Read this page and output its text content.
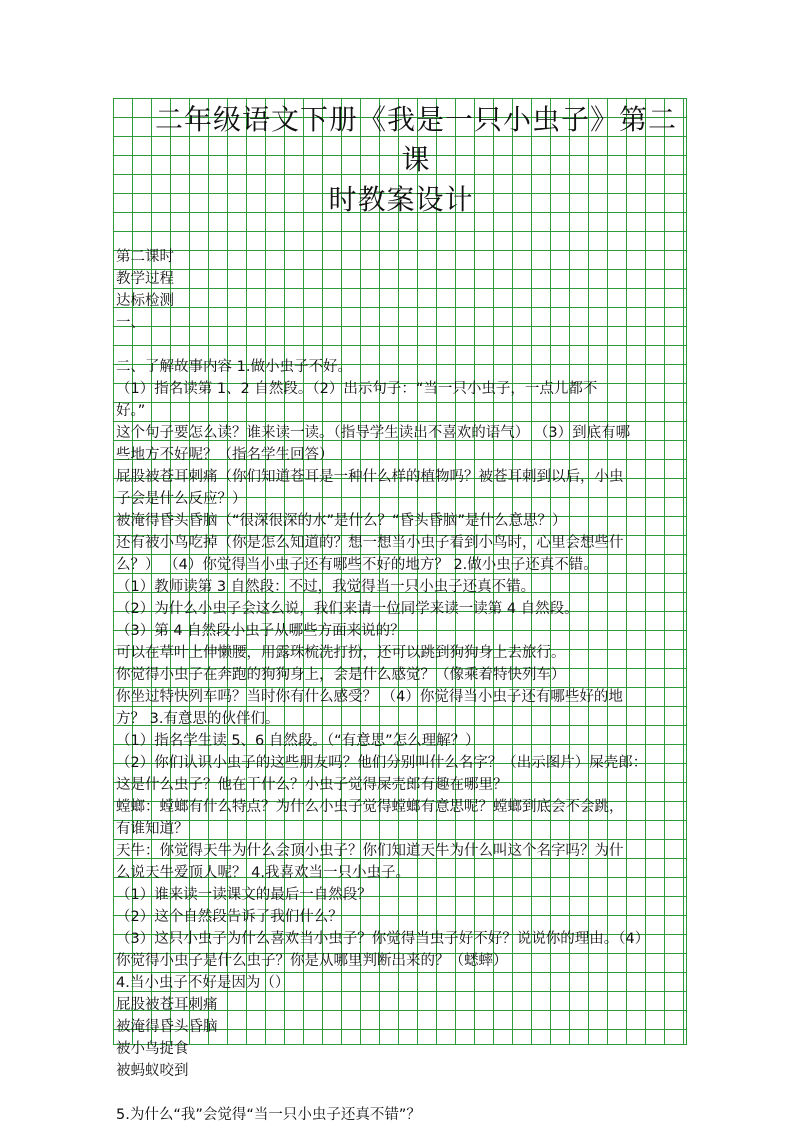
二年级语文下册《我是一只小虫子》第二课
时教案设计
第二课时
教学过程
达标检测
一、
二、了解故事内容 1.做小虫子不好。
（1）指名读第 1、2 自然段。（2）出示句子：“当一只小虫子，一点儿都不
好。”
这个句子要怎么读？谁来读一读。（指导学生读出不喜欢的语气） （3）到底有哪
些地方不好呢？（指名学生回答）
屁股被苍耳刺痛（你们知道苍耳是一种什么样的植物吗？被苍耳刺到以后，小虫
子会是什么反应？）
被淹得昏头昏脑（“很深很深的水”是什么？“昏头昏脑”是什么意思？）
还有被小鸟吃掉（你是怎么知道的？想一想当小虫子看到小鸟时，心里会想些什
么？） （4）你觉得当小虫子还有哪些不好的地方？ 2.做小虫子还真不错。
（1）教师读第 3 自然段：不过，我觉得当一只小虫子还真不错。
（2）为什么小虫子会这么说，我们来请一位同学来读一读第 4 自然段。
（3）第 4 自然段小虫子从哪些方面来说的？
可以在草叶上伸懒腰，用露珠梳洗打扮，还可以跳到狗狗身上去旅行。
你觉得小虫子在奔跑的狗狗身上，会是什么感觉？（像乘着特快列车）
你坐过特快列车吗？当时你有什么感受？ （4）你觉得当小虫子还有哪些好的地
方？ 3.有意思的伙伴们。
（1）指名学生读 5、6 自然段。（“有意思”怎么理解？）
（2）你们认识小虫子的这些朋友吗？他们分别叫什么名字？（出示图片）屎壳郎：
这是什么虫子？他在干什么？小虫子觉得屎壳郎有趣在哪里？
螳螂：螳螂有什么特点？为什么小虫子觉得螳螂有意思呢？螳螂到底会不会跳，
有谁知道？
天牛：你觉得天牛为什么会顶小虫子？你们知道天牛为什么叫这个名字吗？为什
么说天牛爱顶人呢？ 4.我喜欢当一只小虫子。
（1）谁来读一读课文的最后一自然段？
（2）这个自然段告诉了我们什么？
（3）这只小虫子为什么喜欢当小虫子？你觉得当虫子好不好？说说你的理由。（4）
你觉得小虫子是什么虫子？你是从哪里判断出来的？（蟋蟀）
4.当小虫子不好是因为（）
屁股被苍耳刺痛
被淹得昏头昏脑
被小鸟捉食
被蚂蚁咬到
5.为什么“我”会觉得“当一只小虫子还真不错”？
